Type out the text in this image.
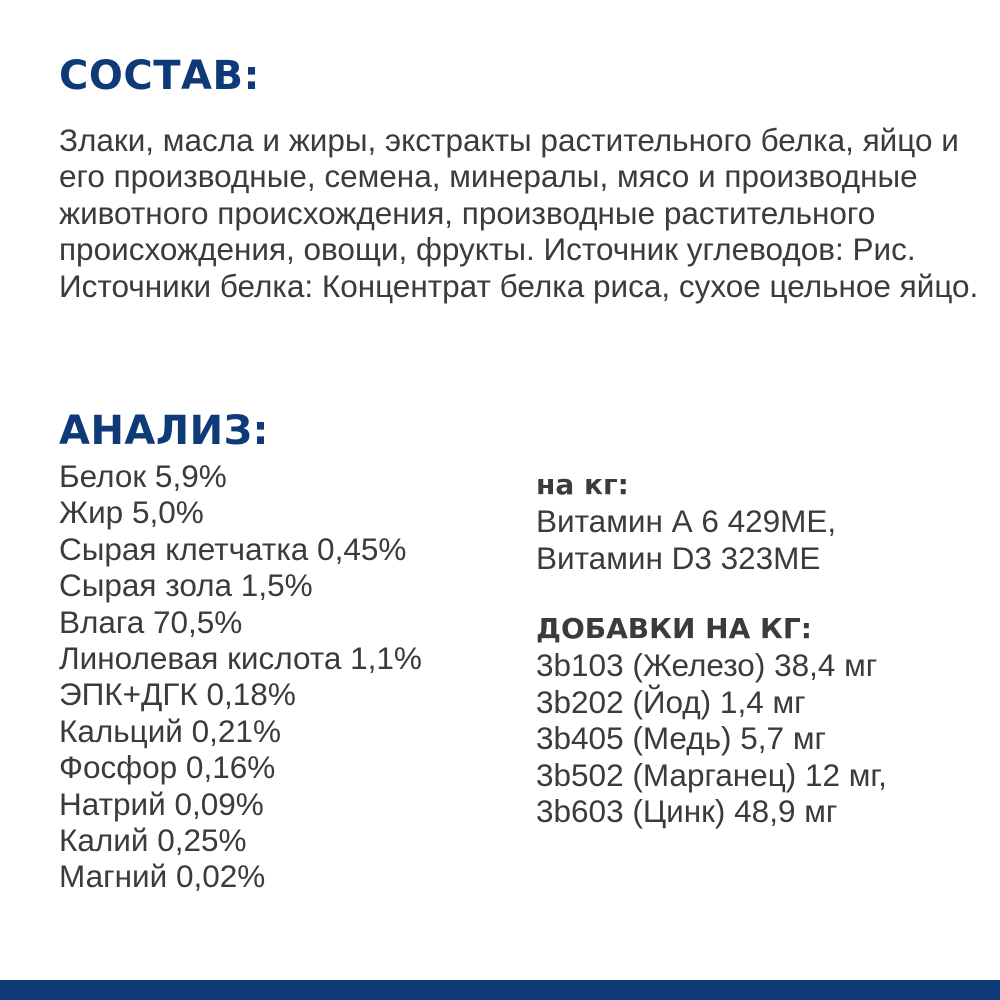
СОСТАВ:

Злаки, масла и жиры, экстракты растительного белка, яйцо и его производные, семена, минералы, мясо и производные животного происхождения, производные растительного происхождения, овощи, фрукты. Источник углеводов: Рис. Источники белка: Концентрат белка риса, сухое цельное яйцо.

АНАЛИЗ:
Белок 5,9%
Жир 5,0%
Сырая клетчатка 0,45%
Сырая зола 1,5%
Влага 70,5%
Линолевая кислота 1,1%
ЭПК+ДГК 0,18%
Кальций 0,21%
Фосфор 0,16%
Натрий 0,09%
Калий 0,25%
Магний 0,02%
на кг:
Витамин А 6 429МЕ,
Витамин D3 323МЕ
ДОБАВКИ НА КГ:
3b103 (Железо) 38,4 мг
3b202 (Йод) 1,4 мг
3b405 (Медь) 5,7 мг
3b502 (Марганец) 12 мг,
3b603 (Цинк) 48,9 мг
